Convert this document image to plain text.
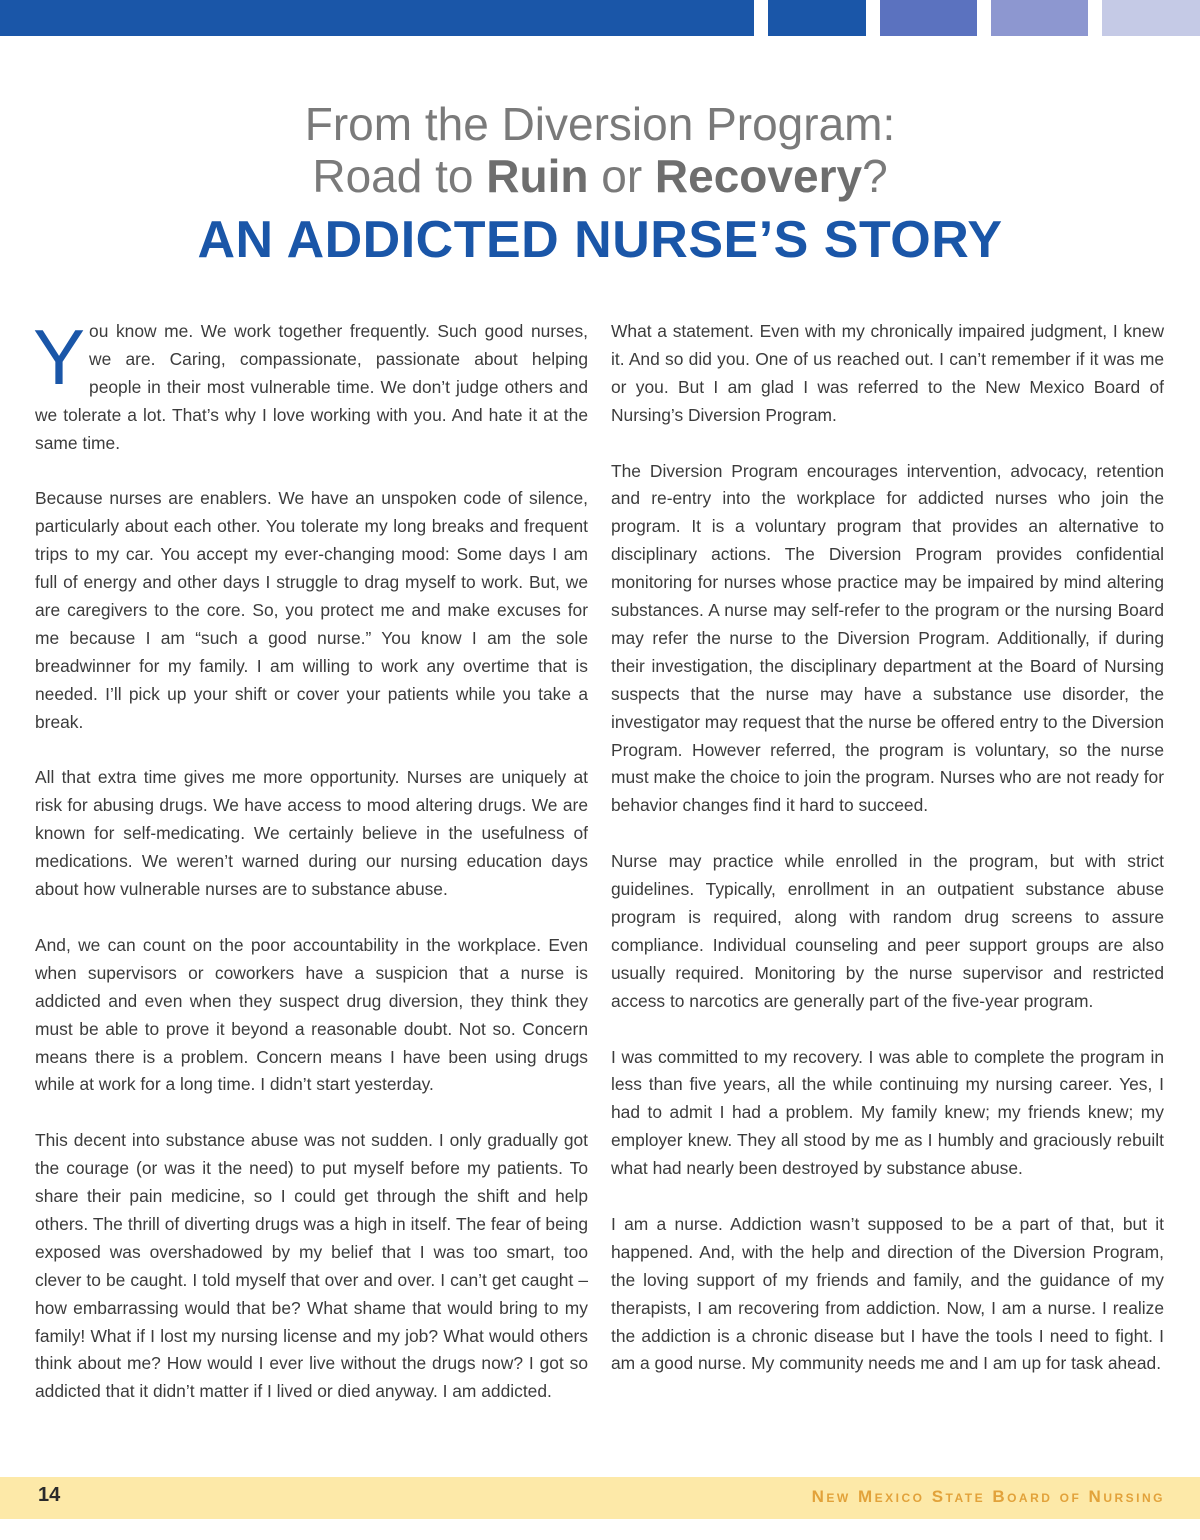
From the Diversion Program:
Road to Ruin or Recovery?
AN ADDICTED NURSE’S STORY

You know me. We work together frequently. Such good nurses, we are. Caring, compassionate, passionate about helping people in their most vulnerable time. We don’t judge others and we tolerate a lot. That’s why I love working with you. And hate it at the same time.

Because nurses are enablers. We have an unspoken code of silence, particularly about each other. You tolerate my long breaks and frequent trips to my car. You accept my ever-changing mood: Some days I am full of energy and other days I struggle to drag myself to work. But, we are caregivers to the core. So, you protect me and make excuses for me because I am “such a good nurse.” You know I am the sole breadwinner for my family. I am willing to work any overtime that is needed. I’ll pick up your shift or cover your patients while you take a break.

All that extra time gives me more opportunity. Nurses are uniquely at risk for abusing drugs. We have access to mood altering drugs. We are known for self-medicating. We certainly believe in the usefulness of medications. We weren’t warned during our nursing education days about how vulnerable nurses are to substance abuse.

And, we can count on the poor accountability in the workplace. Even when supervisors or coworkers have a suspicion that a nurse is addicted and even when they suspect drug diversion, they think they must be able to prove it beyond a reasonable doubt. Not so. Concern means there is a problem. Concern means I have been using drugs while at work for a long time. I didn’t start yesterday.

This decent into substance abuse was not sudden. I only gradually got the courage (or was it the need) to put myself before my patients. To share their pain medicine, so I could get through the shift and help others. The thrill of diverting drugs was a high in itself. The fear of being exposed was overshadowed by my belief that I was too smart, too clever to be caught. I told myself that over and over. I can’t get caught – how embarrassing would that be? What shame that would bring to my family! What if I lost my nursing license and my job? What would others think about me? How would I ever live without the drugs now? I got so addicted that it didn’t matter if I lived or died anyway. I am addicted.

What a statement. Even with my chronically impaired judgment, I knew it. And so did you. One of us reached out. I can’t remember if it was me or you. But I am glad I was referred to the New Mexico Board of Nursing’s Diversion Program.

The Diversion Program encourages intervention, advocacy, retention and re-entry into the workplace for addicted nurses who join the program. It is a voluntary program that provides an alternative to disciplinary actions. The Diversion Program provides confidential monitoring for nurses whose practice may be impaired by mind altering substances. A nurse may self-refer to the program or the nursing Board may refer the nurse to the Diversion Program. Additionally, if during their investigation, the disciplinary department at the Board of Nursing suspects that the nurse may have a substance use disorder, the investigator may request that the nurse be offered entry to the Diversion Program. However referred, the program is voluntary, so the nurse must make the choice to join the program. Nurses who are not ready for behavior changes find it hard to succeed.

Nurse may practice while enrolled in the program, but with strict guidelines. Typically, enrollment in an outpatient substance abuse program is required, along with random drug screens to assure compliance. Individual counseling and peer support groups are also usually required. Monitoring by the nurse supervisor and restricted access to narcotics are generally part of the five-year program.

I was committed to my recovery. I was able to complete the program in less than five years, all the while continuing my nursing career. Yes, I had to admit I had a problem. My family knew; my friends knew; my employer knew. They all stood by me as I humbly and graciously rebuilt what had nearly been destroyed by substance abuse.

I am a nurse. Addiction wasn’t supposed to be a part of that, but it happened. And, with the help and direction of the Diversion Program, the loving support of my friends and family, and the guidance of my therapists, I am recovering from addiction. Now, I am a nurse. I realize the addiction is a chronic disease but I have the tools I need to fight. I am a good nurse. My community needs me and I am up for task ahead.

14	New Mexico State Board of Nursing
